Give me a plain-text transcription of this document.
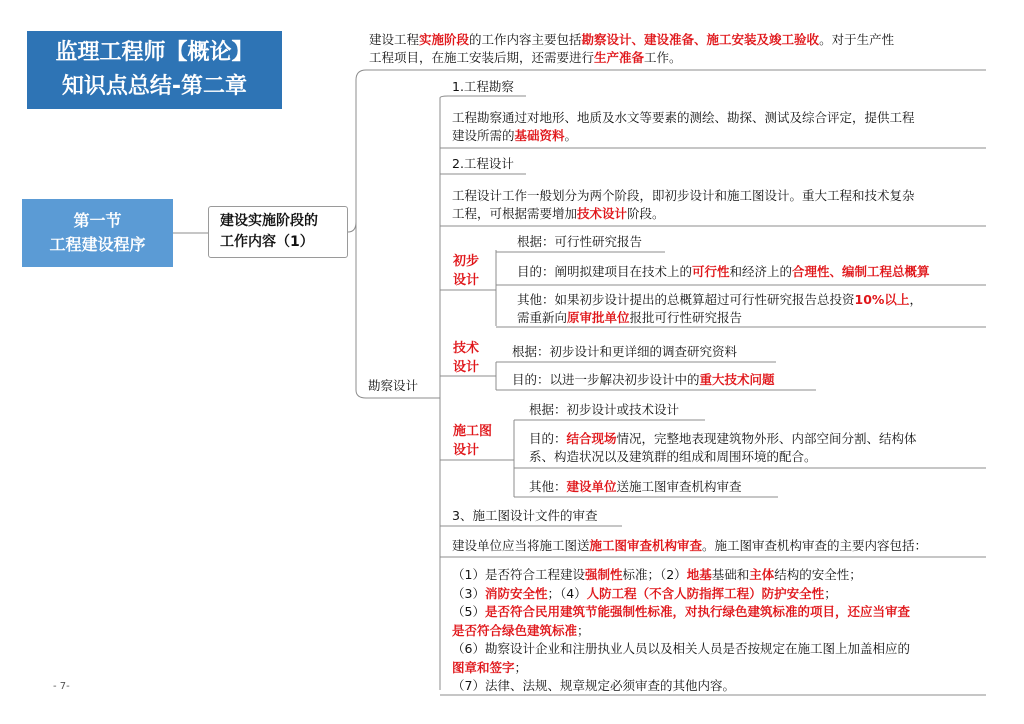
监理工程师【概论】
知识点总结-第二章
第一节
工程建设程序
建设实施阶段的
工作内容（1）
建设工程实施阶段的工作内容主要包括勘察设计、建设准备、施工安装及竣工验收。对于生产性
工程项目，在施工安装后期，还需要进行生产准备工作。
勘察设计
1.工程勘察
工程勘察通过对地形、地质及水文等要素的测绘、勘探、测试及综合评定，提供工程
建设所需的基础资料。
2.工程设计
工程设计工作一般划分为两个阶段，即初步设计和施工图设计。重大工程和技术复杂
工程，可根据需要增加技术设计阶段。
初步
设计
根据：可行性研究报告
目的：阐明拟建项目在技术上的可行性和经济上的合理性、编制工程总概算
其他：如果初步设计提出的总概算超过可行性研究报告总投资10%以上，
需重新向原审批单位报批可行性研究报告
技术
设计
根据：初步设计和更详细的调查研究资料
目的：以进一步解决初步设计中的重大技术问题
施工图
设计
根据：初步设计或技术设计
目的：结合现场情况，完整地表现建筑物外形、内部空间分割、结构体
系、构造状况以及建筑群的组成和周围环境的配合。
其他：建设单位送施工图审查机构审查
3、施工图设计文件的审查
建设单位应当将施工图送施工图审查机构审查。施工图审查机构审查的主要内容包括：
（1）是否符合工程建设强制性标准；（2）地基基础和主体结构的安全性；
（3）消防安全性；（4）人防工程（不含人防指挥工程）防护安全性；
（5）是否符合民用建筑节能强制性标准，对执行绿色建筑标准的项目，还应当审查
是否符合绿色建筑标准；
（6）勘察设计企业和注册执业人员以及相关人员是否按规定在施工图上加盖相应的
图章和签字；
（7）法律、法规、规章规定必须审查的其他内容。
- 7-
